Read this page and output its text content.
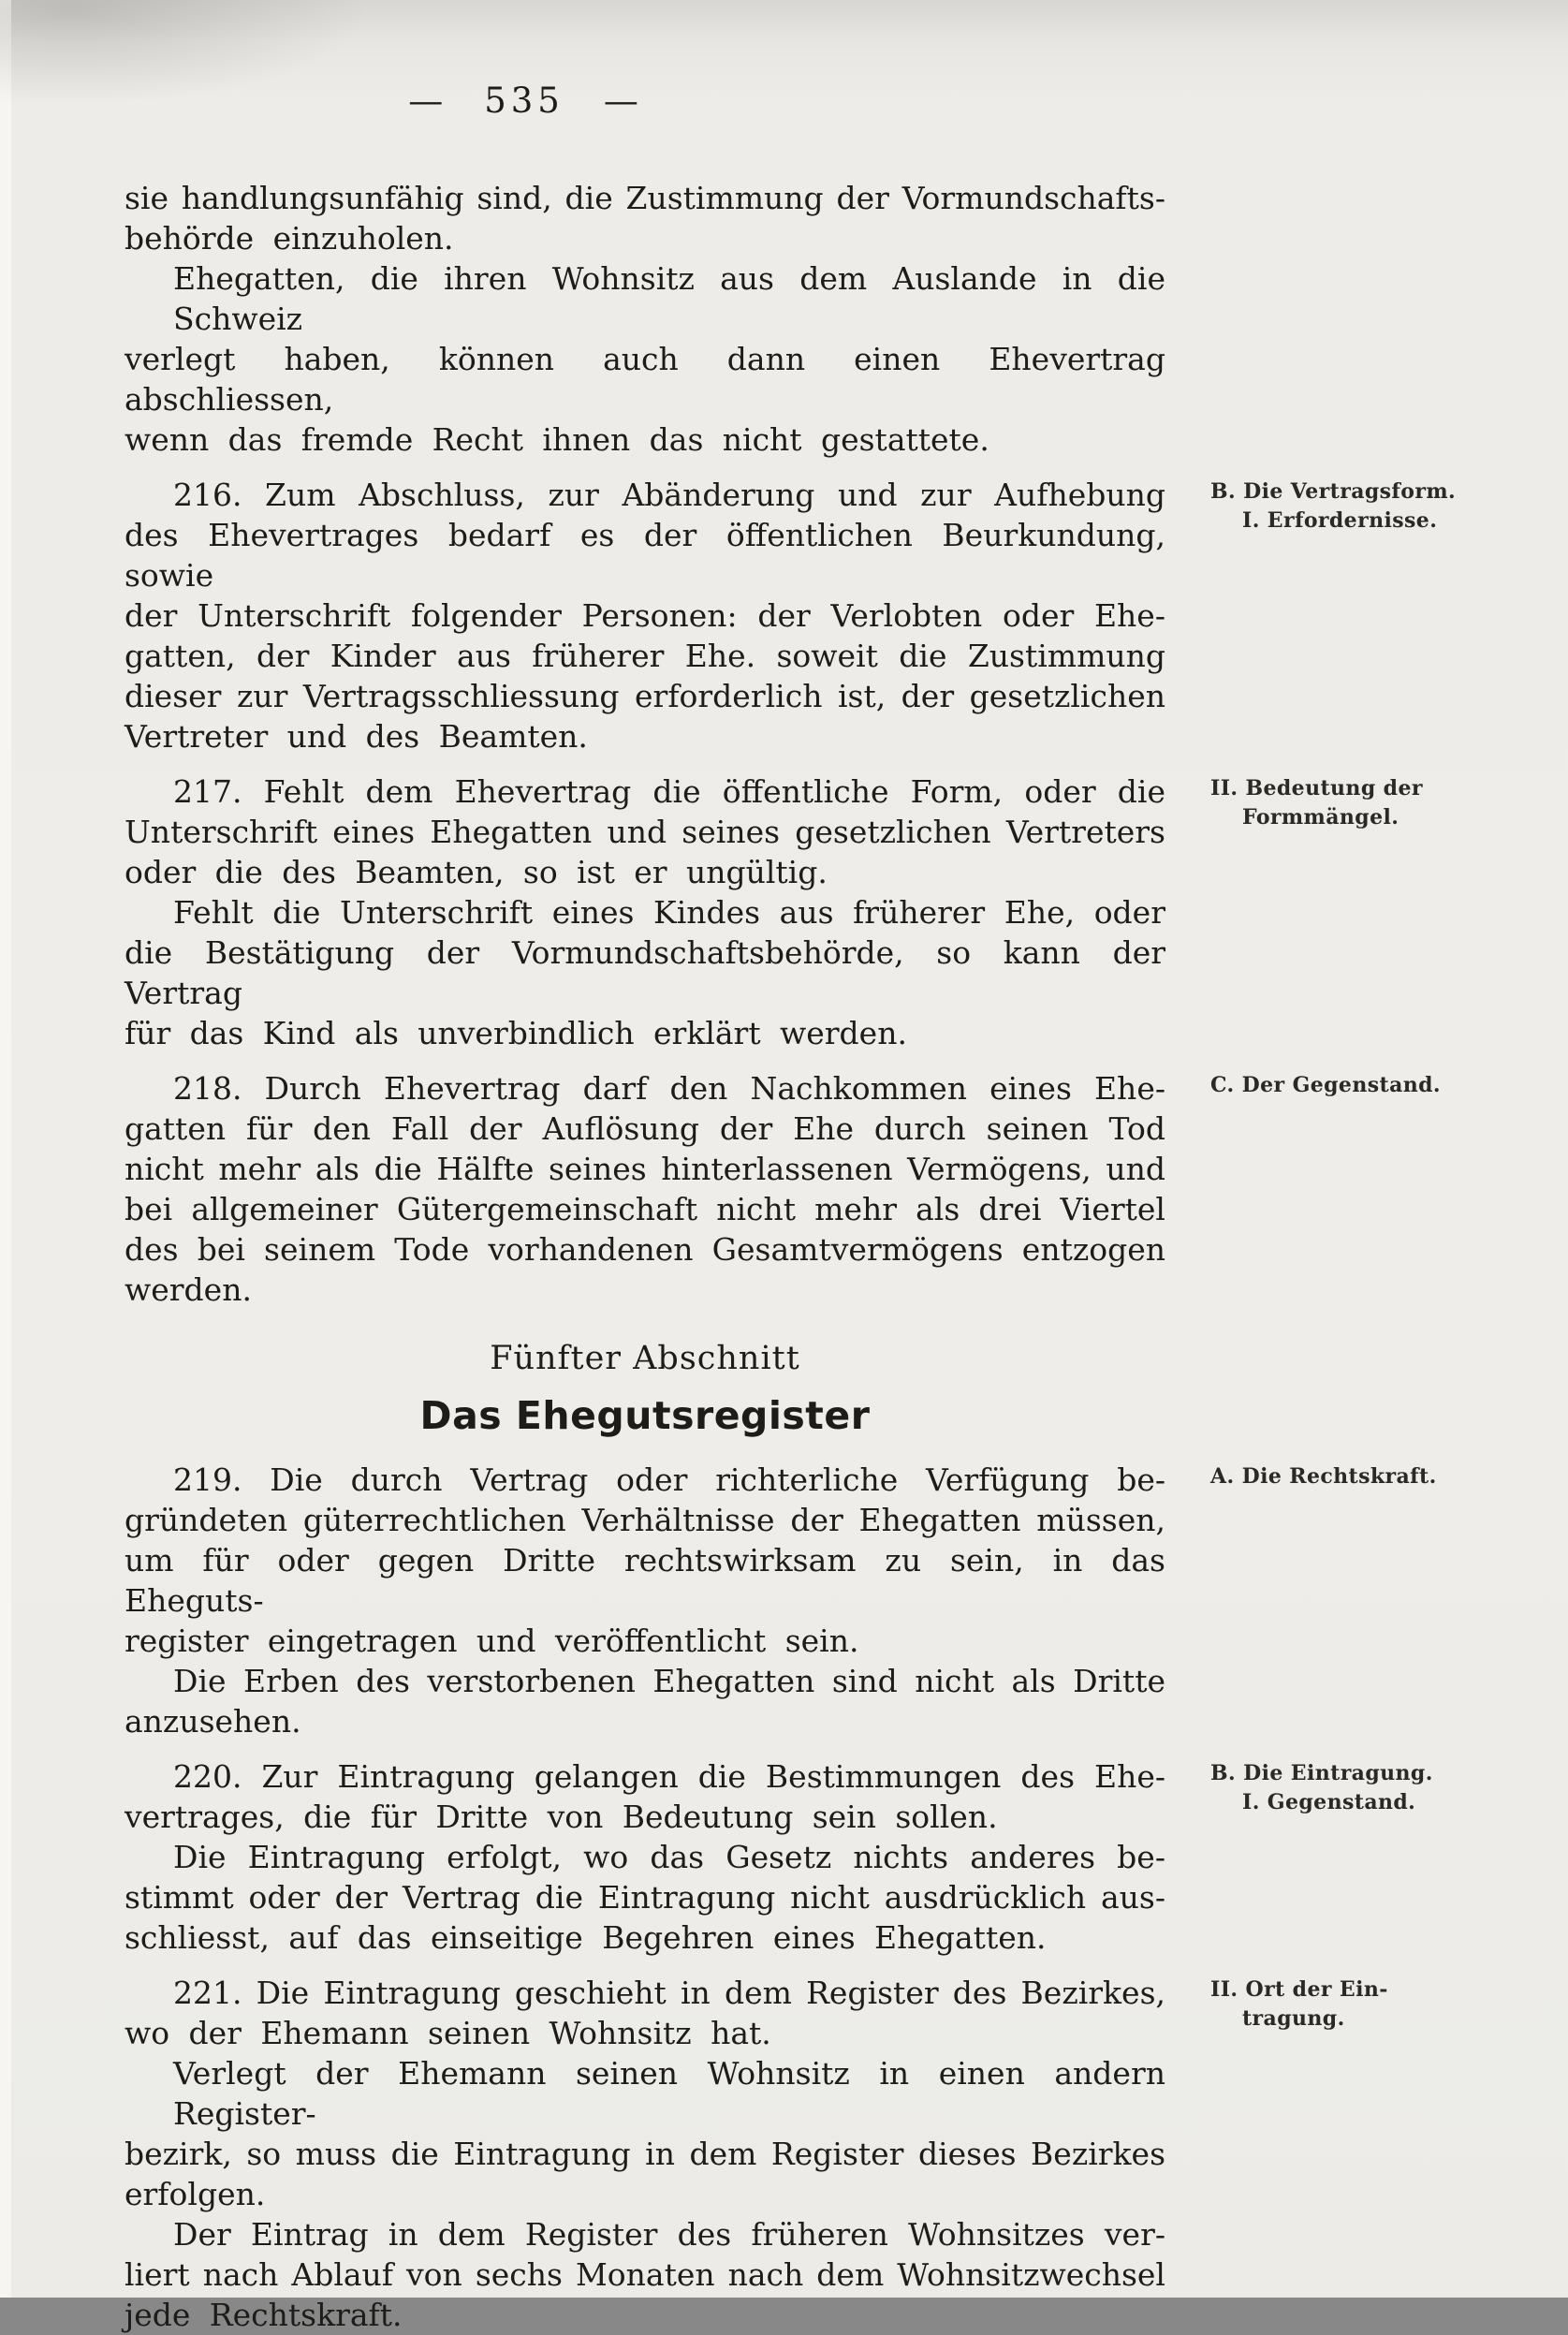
— 535 —
sie handlungsunfähig sind, die Zustimmung der Vormundschafts-
behörde einzuholen.
Ehegatten, die ihren Wohnsitz aus dem Auslande in die Schweiz
verlegt haben, können auch dann einen Ehevertrag abschliessen,
wenn das fremde Recht ihnen das nicht gestattete.
216. Zum Abschluss, zur Abänderung und zur Aufhebung
des Ehevertrages bedarf es der öffentlichen Beurkundung, sowie
der Unterschrift folgender Personen: der Verlobten oder Ehe-
gatten, der Kinder aus früherer Ehe. soweit die Zustimmung
dieser zur Vertragsschliessung erforderlich ist, der gesetzlichen
Vertreter und des Beamten.
B. Die Vertragsform.
I. Erfordernisse.
217. Fehlt dem Ehevertrag die öffentliche Form, oder die
Unterschrift eines Ehegatten und seines gesetzlichen Vertreters
oder die des Beamten, so ist er ungültig.
Fehlt die Unterschrift eines Kindes aus früherer Ehe, oder
die Bestätigung der Vormundschaftsbehörde, so kann der Vertrag
für das Kind als unverbindlich erklärt werden.
II. Bedeutung der
Formmängel.
218. Durch Ehevertrag darf den Nachkommen eines Ehe-
gatten für den Fall der Auflösung der Ehe durch seinen Tod
nicht mehr als die Hälfte seines hinterlassenen Vermögens, und
bei allgemeiner Gütergemeinschaft nicht mehr als drei Viertel
des bei seinem Tode vorhandenen Gesamtvermögens entzogen
werden.
C. Der Gegenstand.
Fünfter Abschnitt
Das Ehegutsregister
219. Die durch Vertrag oder richterliche Verfügung be-
gründeten güterrechtlichen Verhältnisse der Ehegatten müssen,
um für oder gegen Dritte rechtswirksam zu sein, in das Eheguts-
register eingetragen und veröffentlicht sein.
Die Erben des verstorbenen Ehegatten sind nicht als Dritte
anzusehen.
A. Die Rechtskraft.
220. Zur Eintragung gelangen die Bestimmungen des Ehe-
vertrages, die für Dritte von Bedeutung sein sollen.
Die Eintragung erfolgt, wo das Gesetz nichts anderes be-
stimmt oder der Vertrag die Eintragung nicht ausdrücklich aus-
schliesst, auf das einseitige Begehren eines Ehegatten.
B. Die Eintragung.
I. Gegenstand.
221. Die Eintragung geschieht in dem Register des Bezirkes,
wo der Ehemann seinen Wohnsitz hat.
Verlegt der Ehemann seinen Wohnsitz in einen andern Register-
bezirk, so muss die Eintragung in dem Register dieses Bezirkes
erfolgen.
Der Eintrag in dem Register des früheren Wohnsitzes ver-
liert nach Ablauf von sechs Monaten nach dem Wohnsitzwechsel
jede Rechtskraft.
II. Ort der Ein-
tragung.
